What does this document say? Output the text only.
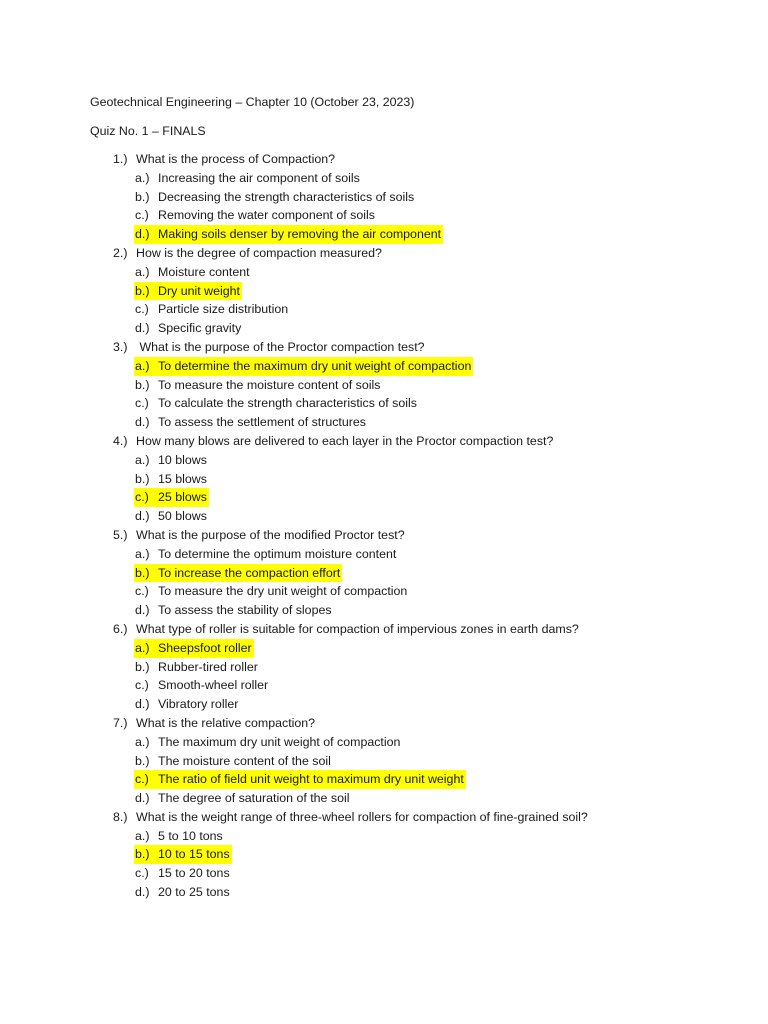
Geotechnical Engineering – Chapter 10 (October 23, 2023)
Quiz No. 1 – FINALS
1.) What is the process of Compaction?
a.) Increasing the air component of soils
b.) Decreasing the strength characteristics of soils
c.) Removing the water component of soils
d.) Making soils denser by removing the air component
2.) How is the degree of compaction measured?
a.) Moisture content
b.) Dry unit weight
c.) Particle size distribution
d.) Specific gravity
3.) What is the purpose of the Proctor compaction test?
a.) To determine the maximum dry unit weight of compaction
b.) To measure the moisture content of soils
c.) To calculate the strength characteristics of soils
d.) To assess the settlement of structures
4.) How many blows are delivered to each layer in the Proctor compaction test?
a.) 10 blows
b.) 15 blows
c.) 25 blows
d.) 50 blows
5.) What is the purpose of the modified Proctor test?
a.) To determine the optimum moisture content
b.) To increase the compaction effort
c.) To measure the dry unit weight of compaction
d.) To assess the stability of slopes
6.) What type of roller is suitable for compaction of impervious zones in earth dams?
a.) Sheepsfoot roller
b.) Rubber-tired roller
c.) Smooth-wheel roller
d.) Vibratory roller
7.) What is the relative compaction?
a.) The maximum dry unit weight of compaction
b.) The moisture content of the soil
c.) The ratio of field unit weight to maximum dry unit weight
d.) The degree of saturation of the soil
8.) What is the weight range of three-wheel rollers for compaction of fine-grained soil?
a.) 5 to 10 tons
b.) 10 to 15 tons
c.) 15 to 20 tons
d.) 20 to 25 tons
